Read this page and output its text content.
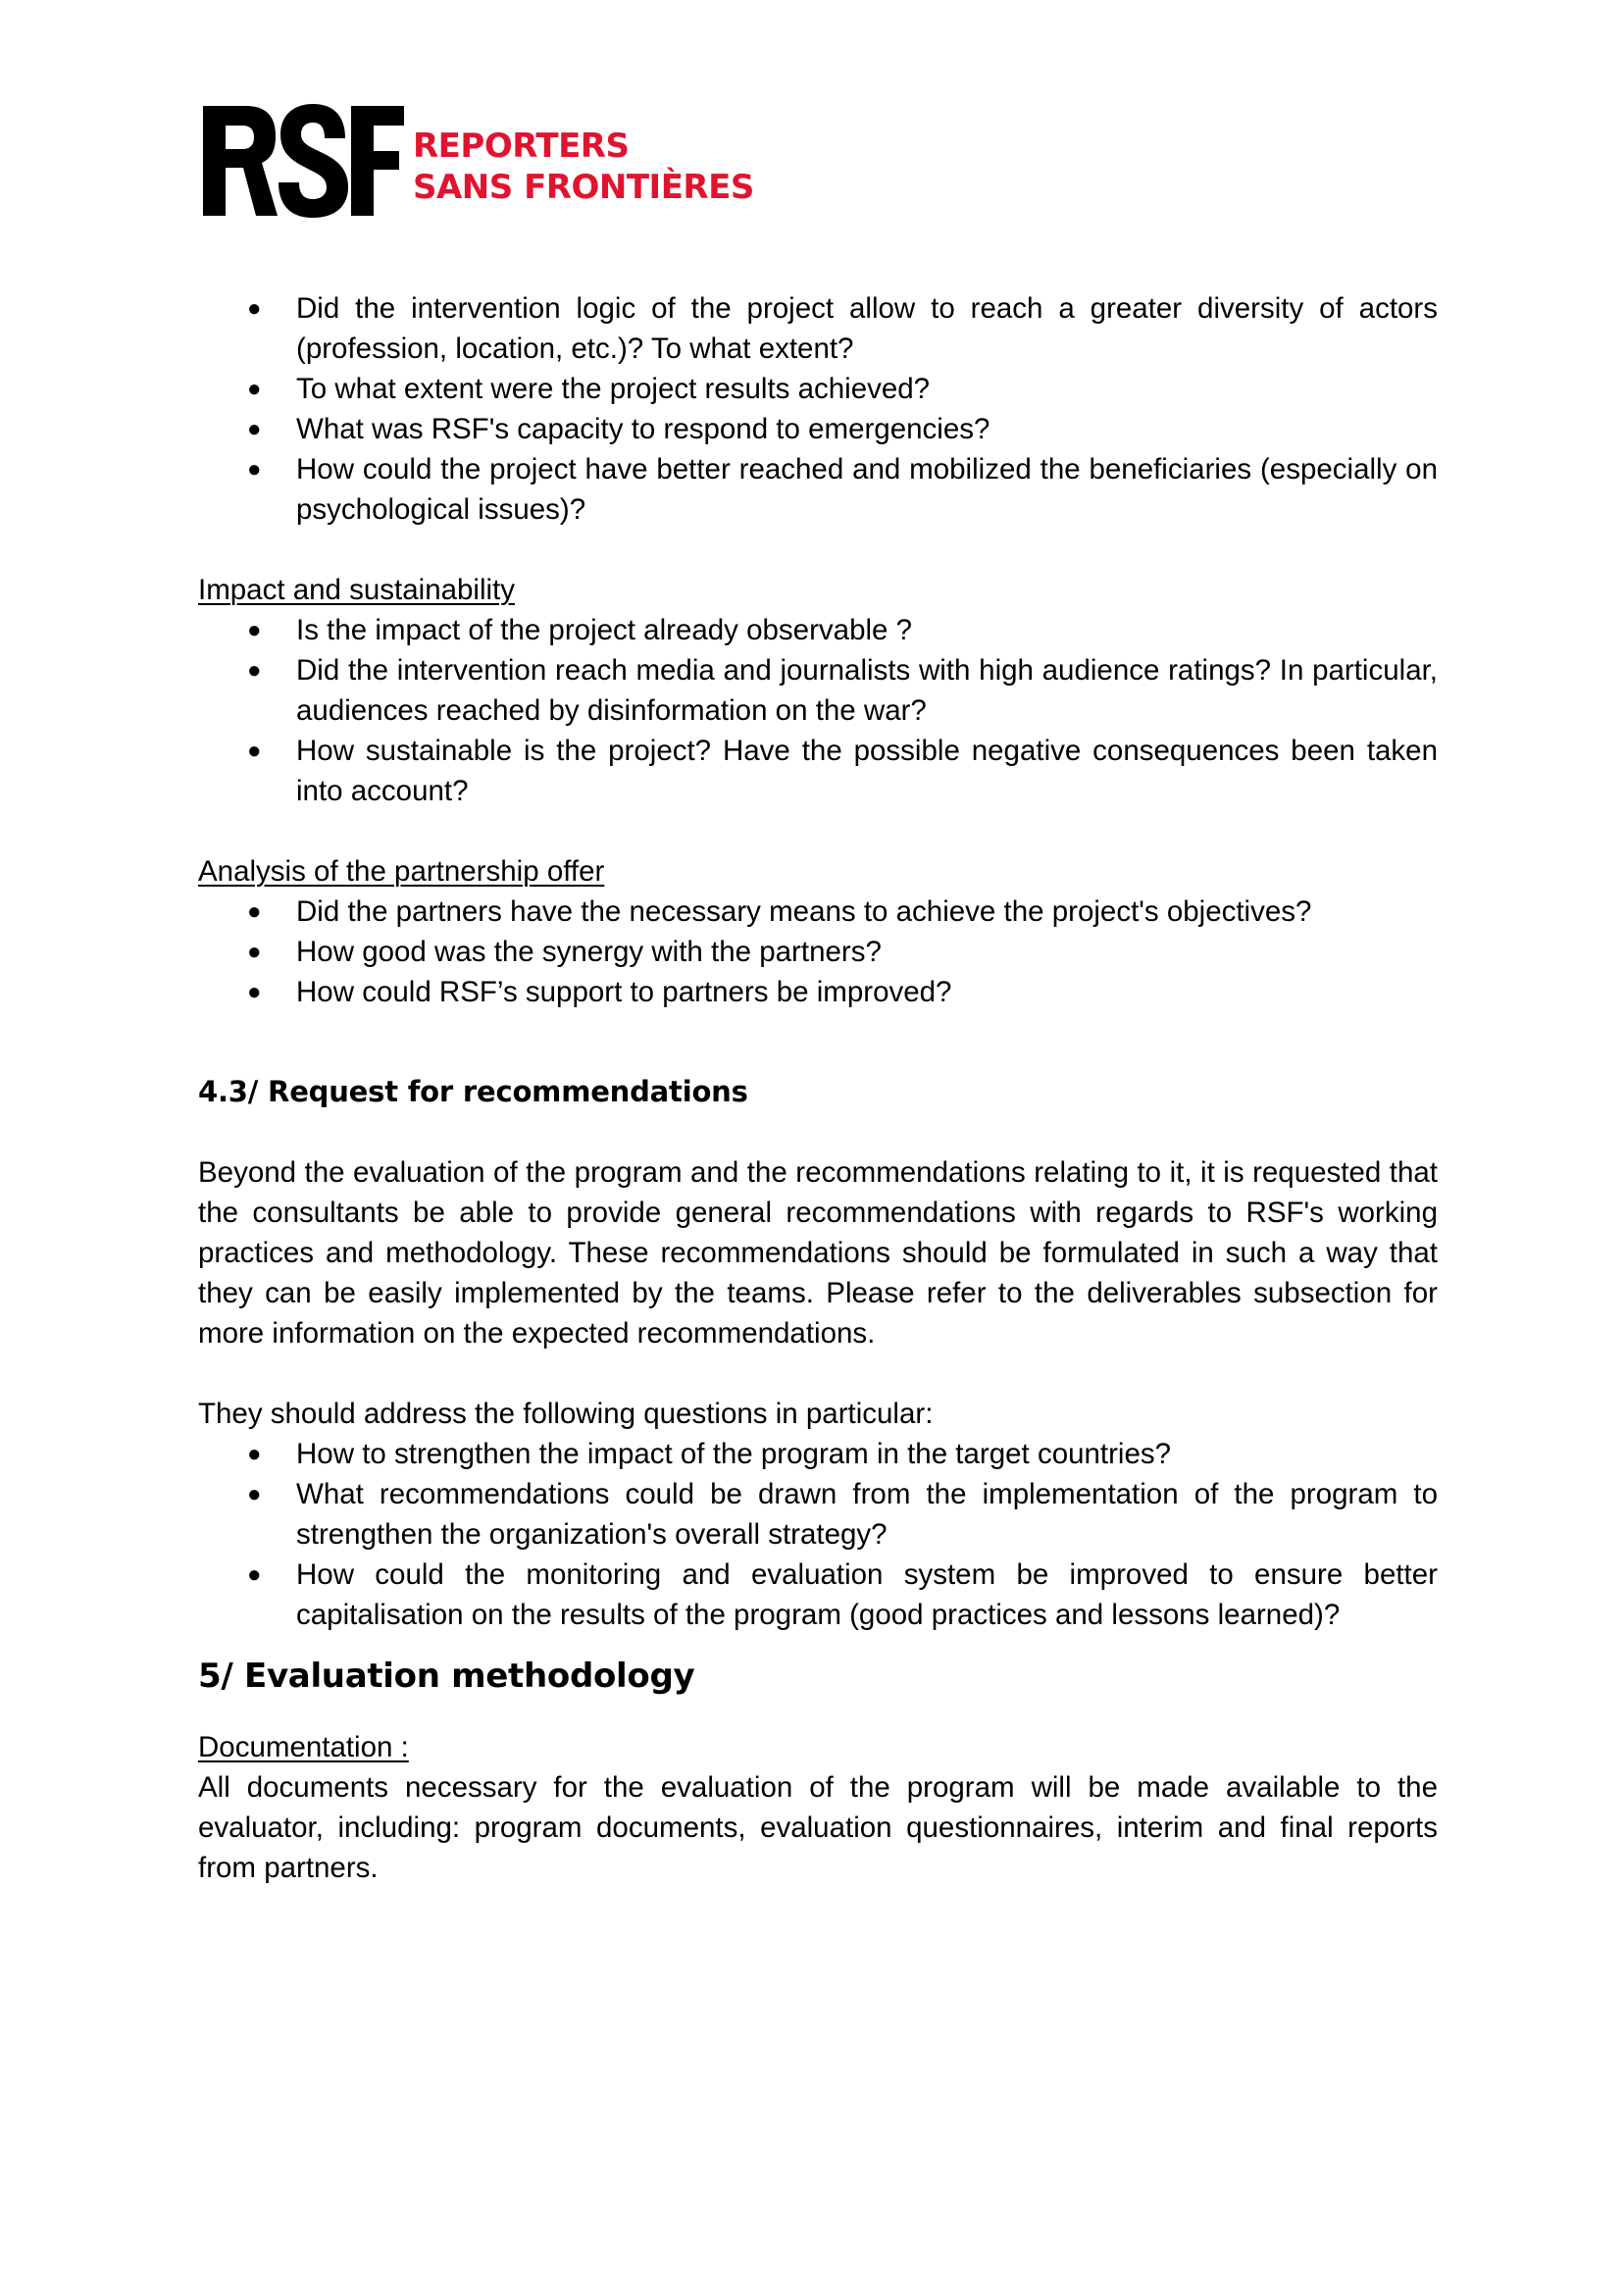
REPORTERS
SANS FRONTIÈRES
● Did the intervention logic of the project allow to reach a greater diversity of actors (profession, location, etc.)? To what extent?
● To what extent were the project results achieved?
● What was RSF's capacity to respond to emergencies?
● How could the project have better reached and mobilized the beneficiaries (especially on psychological issues)?
Impact and sustainability
● Is the impact of the project already observable ?
● Did the intervention reach media and journalists with high audience ratings? In particular, audiences reached by disinformation on the war?
● How sustainable is the project? Have the possible negative consequences been taken into account?
Analysis of the partnership offer
● Did the partners have the necessary means to achieve the project's objectives?
● How good was the synergy with the partners?
● How could RSF’s support to partners be improved?
4.3/ Request for recommendations

Beyond the evaluation of the program and the recommendations relating to it, it is requested that the consultants be able to provide general recommendations with regards to RSF's working practices and methodology. These recommendations should be formulated in such a way that they can be easily implemented by the teams. Please refer to the deliverables subsection for more information on the expected recommendations.

They should address the following questions in particular:

● How to strengthen the impact of the program in the target countries?
● What recommendations could be drawn from the implementation of the program to strengthen the organization's overall strategy?
● How could the monitoring and evaluation system be improved to ensure better capitalisation on the results of the program (good practices and lessons learned)?
5/ Evaluation methodology
Documentation :

All documents necessary for the evaluation of the program will be made available to the evaluator, including: program documents, evaluation questionnaires, interim and final reports from partners.
